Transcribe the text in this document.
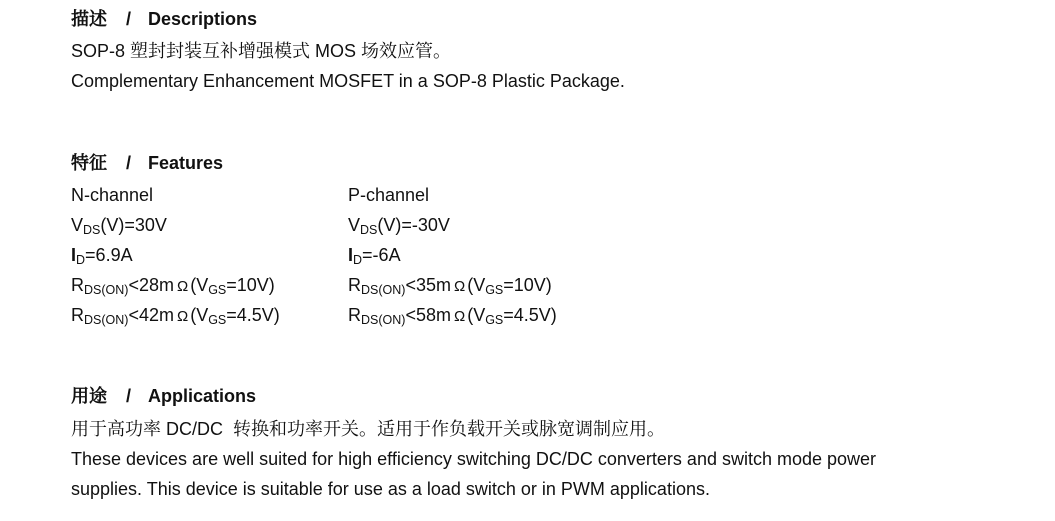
描述 / Descriptions
SOP-8 塑封封装互补增强模式 MOS 场效应管。
Complementary Enhancement MOSFET in a SOP-8 Plastic Package.
特征 / Features
N-channel
$V_{DS}(V)=30V$
$I_D=6.9A$
$R_{DS(ON)}<28m$ Ω $(V_{GS}=10V)$
$R_{DS(ON)}<42m$ Ω $(V_{GS}=4.5V)$
P-channel
$V_{DS}(V)=-30V$
$I_D=-6A$
$R_{DS(ON)}<35m$ Ω $(V_{GS}=10V)$
$R_{DS(ON)}<58m$ Ω $(V_{GS}=4.5V)$
用途 / Applications
用于高功率 DC/DC  转换和功率开关。适用于作负载开关或脉宽调制应用。
These devices are well suited for high efficiency switching DC/DC converters and switch mode power
supplies. This device is suitable for use as a load switch or in PWM applications.
